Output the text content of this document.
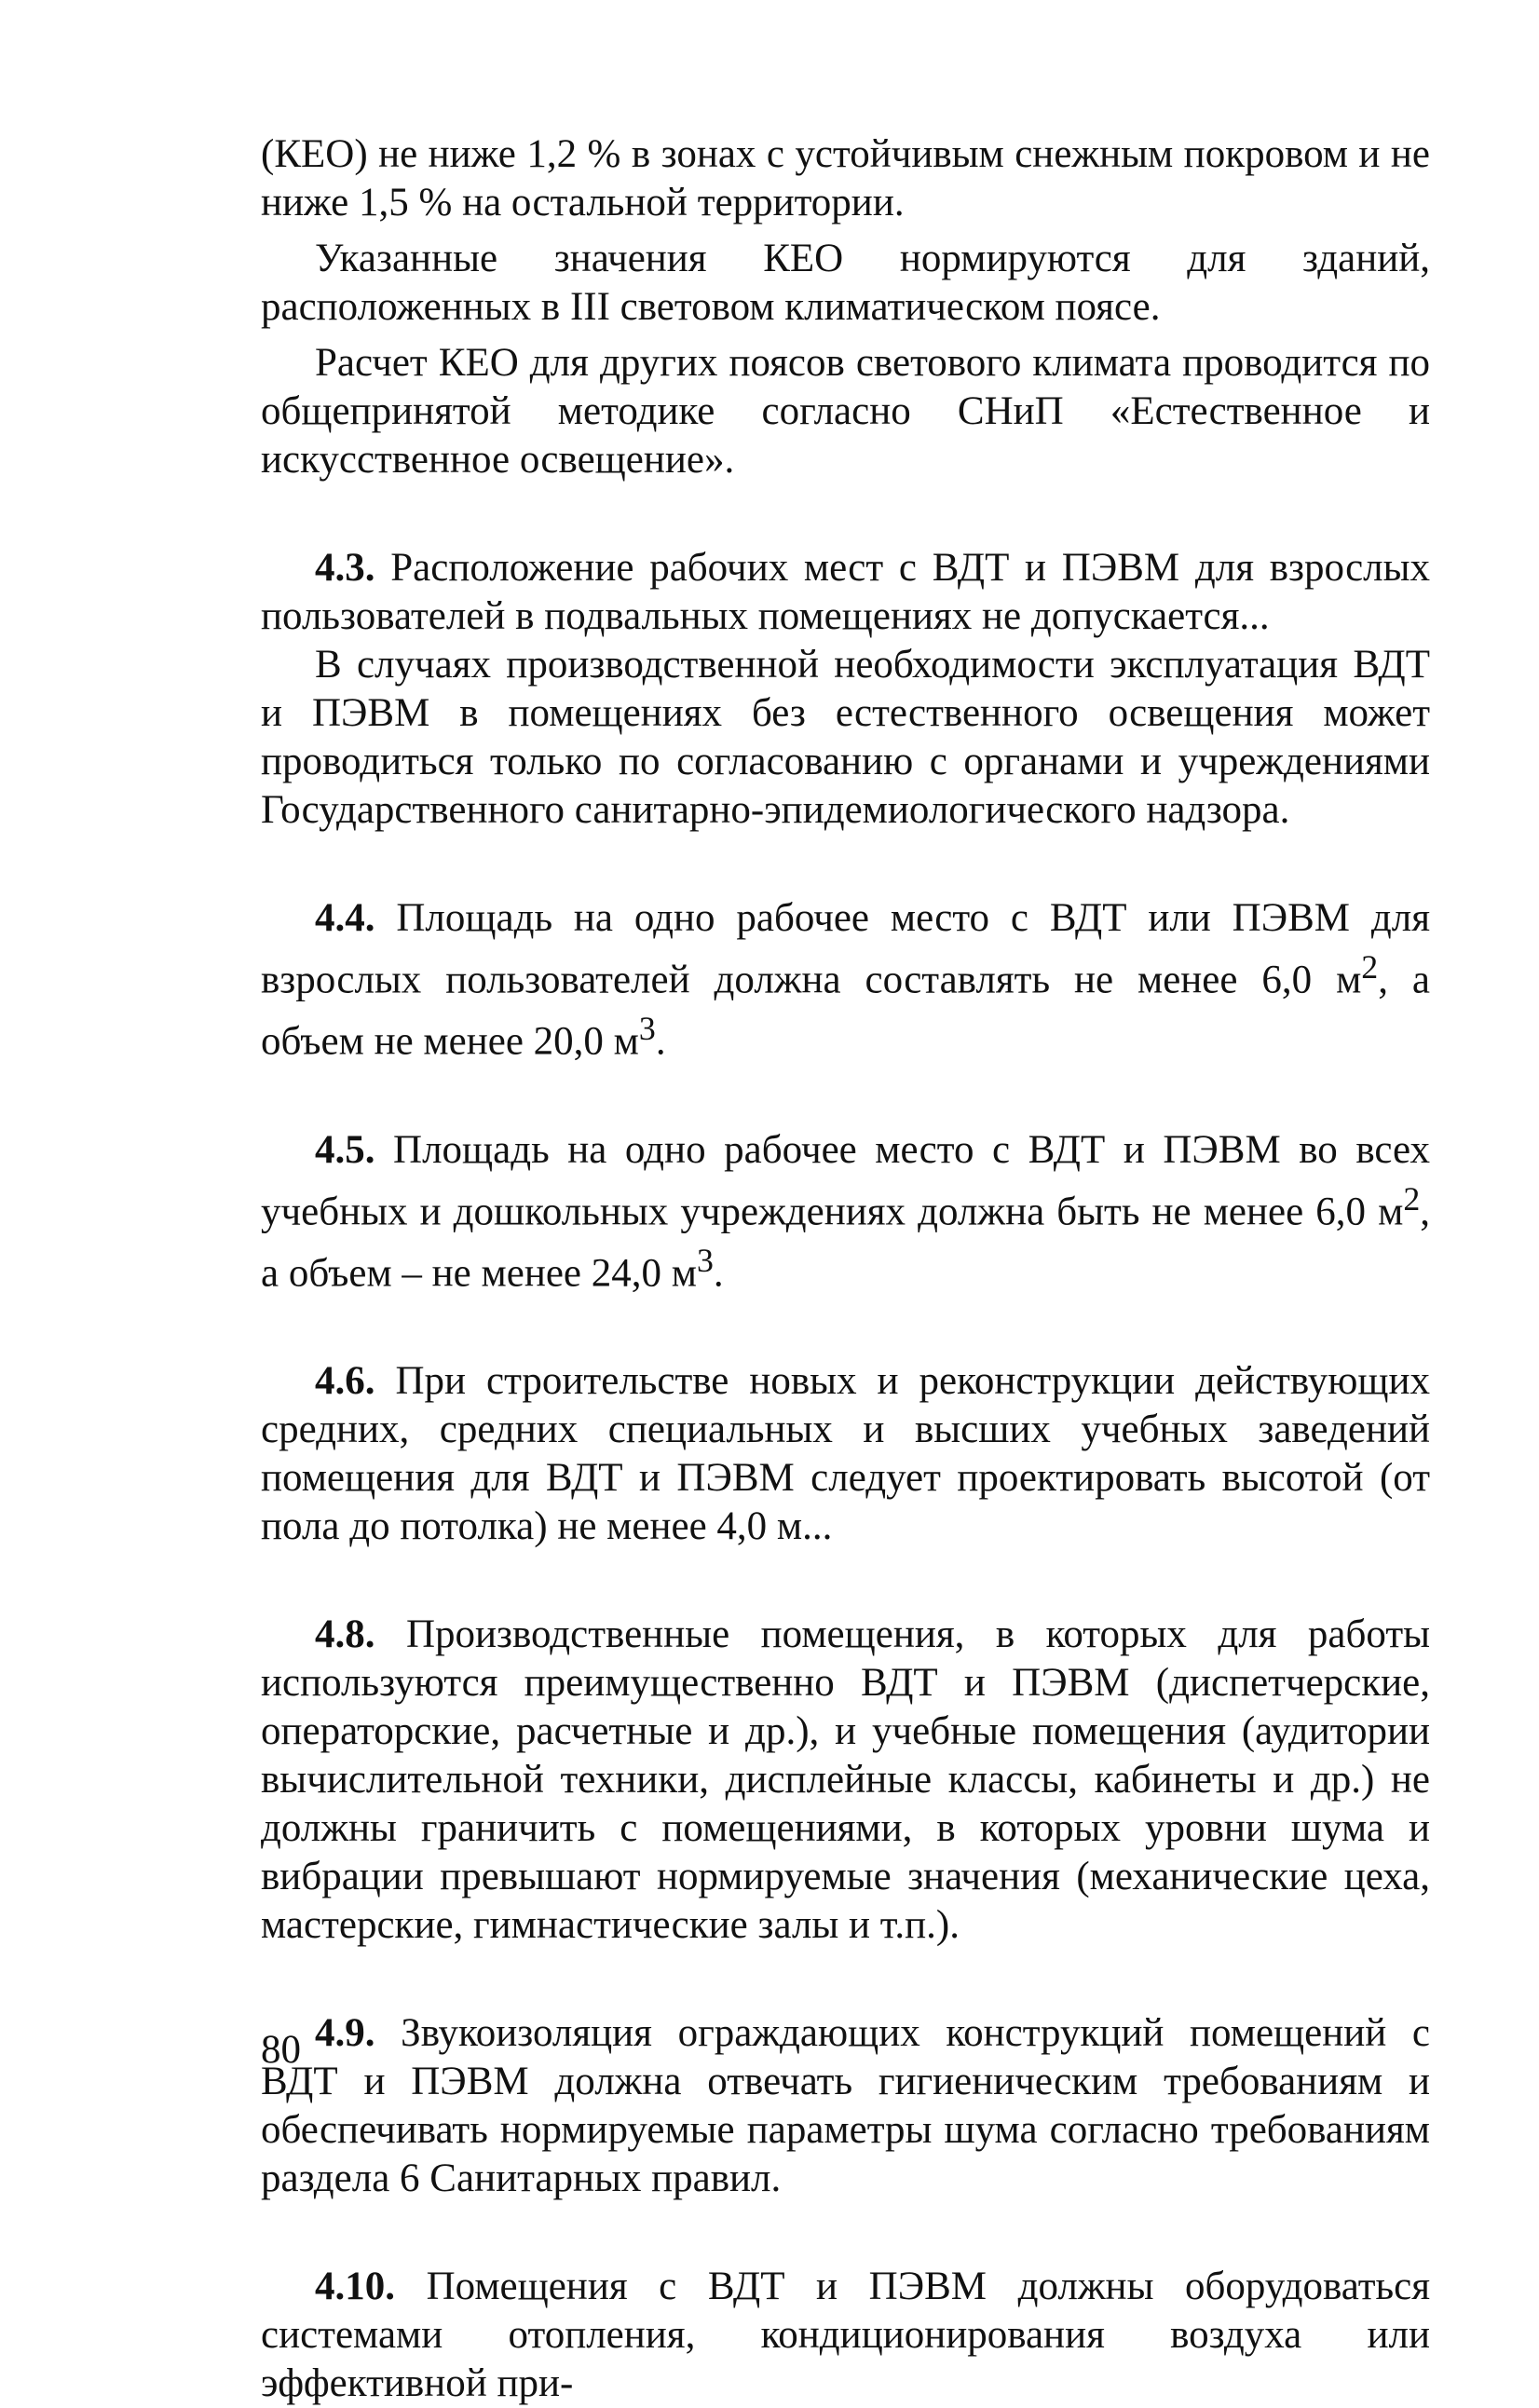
(КЕО) не ниже 1,2 % в зонах с устойчивым снежным покровом и не ниже 1,5 % на остальной территории.

Указанные значения КЕО нормируются для зданий, расположенных в III световом климатическом поясе.

Расчет КЕО для других поясов светового климата проводится по общепринятой методике согласно СНиП «Естественное и искусственное освещение».

4.3. Расположение рабочих мест с ВДТ и ПЭВМ для взрослых пользователей в подвальных помещениях не допускается...

В случаях производственной необходимости эксплуатация ВДТ и ПЭВМ в помещениях без естественного освещения может проводиться только по согласованию с органами и учреждениями Государственного санитарно-эпидемиологического надзора.

4.4. Площадь на одно рабочее место с ВДТ или ПЭВМ для взрослых пользователей должна составлять не менее 6,0 $м^2$, а объем не менее 20,0 $м^3$.

4.5. Площадь на одно рабочее место с ВДТ и ПЭВМ во всех учебных и дошкольных учреждениях должна быть не менее 6,0 $м^2$, а объем – не менее 24,0 $м^3$.

4.6. При строительстве новых и реконструкции действующих средних, средних специальных и высших учебных заведений помещения для ВДТ и ПЭВМ следует проектировать высотой (от пола до потолка) не менее 4,0 м...

4.8. Производственные помещения, в которых для работы используются преимущественно ВДТ и ПЭВМ (диспетчерские, операторские, расчетные и др.), и учебные помещения (аудитории вычислительной техники, дисплейные классы, кабинеты и др.) не должны граничить с помещениями, в которых уровни шума и вибрации превышают нормируемые значения (механические цеха, мастерские, гимнастические залы и т.п.).

4.9. Звукоизоляция ограждающих конструкций помещений с ВДТ и ПЭВМ должна отвечать гигиеническим требованиям и обеспечивать нормируемые параметры шума согласно требованиям раздела 6 Санитарных правил.

4.10. Помещения с ВДТ и ПЭВМ должны оборудоваться системами отопления, кондиционирования воздуха или эффективной при-

80
